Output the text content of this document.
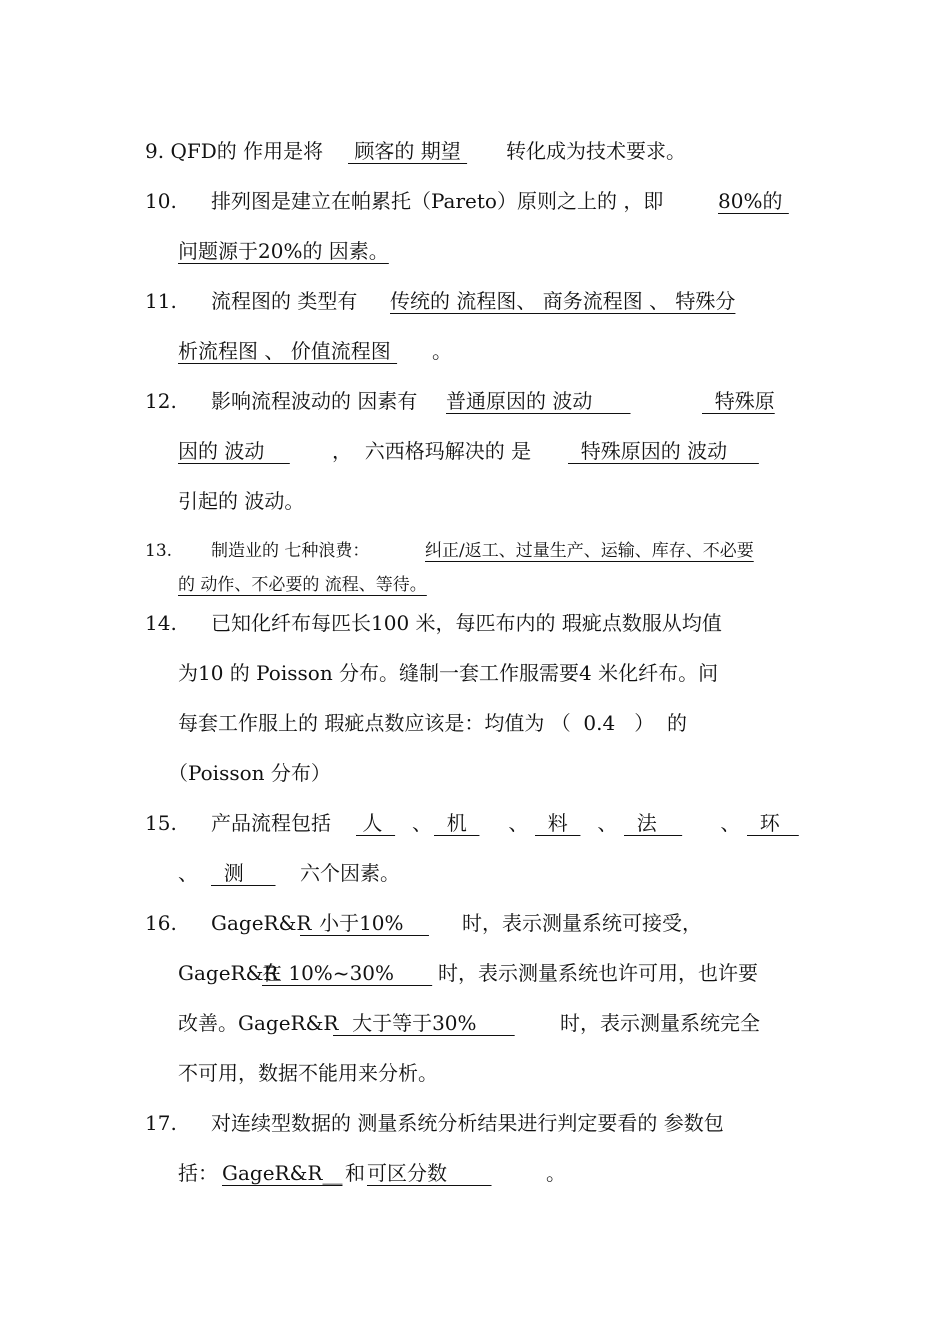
9. QFD的 作用是将 顾客的 期望 转化成为技术要求。
10. 排列图是建立在帕累托（Pareto）原则之上的 ，即	80%的
问题源于20%的 因素。
11. 流程图的 类型有 传统的 流程图、 商务流程图 、 特殊分
析流程图 、 价值流程图 。
12. 影响流程波动的 因素有 普通原因的 波动	特殊原
因的 波动 ，  六西格玛解决的 是 特殊原因的 波动
引起的 波动。
13. 制造业的 七种浪费：	纠正/返工、过量生产、运输、库存、不必要
的 动作、不必要的 流程、等待。
14. 已知化纤布每匹长100 米，每匹布内的 瑕疵点数服从均值
为10 的 Poisson 分布。缝制一套工作服需要4 米化纤布。问
每套工作服上的 瑕疵点数应该是：均值为 （  0.4   ）  的
（Poisson 分布）
15. 产品流程包括 人 、 机 、 料 、 法 、 环
、 测 六个因素。
16. GageR&R
小于10% 时，表示测量系统可接受，
GageR&R
在 10%~30% 时，表示测量系统也许可用，也许要
改善。GageR&R
大于等于30% 时，表示测量系统完全
不可用，数据不能用来分析。
17. 对连续型数据的 测量系统分析结果进行判定要看的 参数包
括： GageR&R__ 和 可区分数	。
